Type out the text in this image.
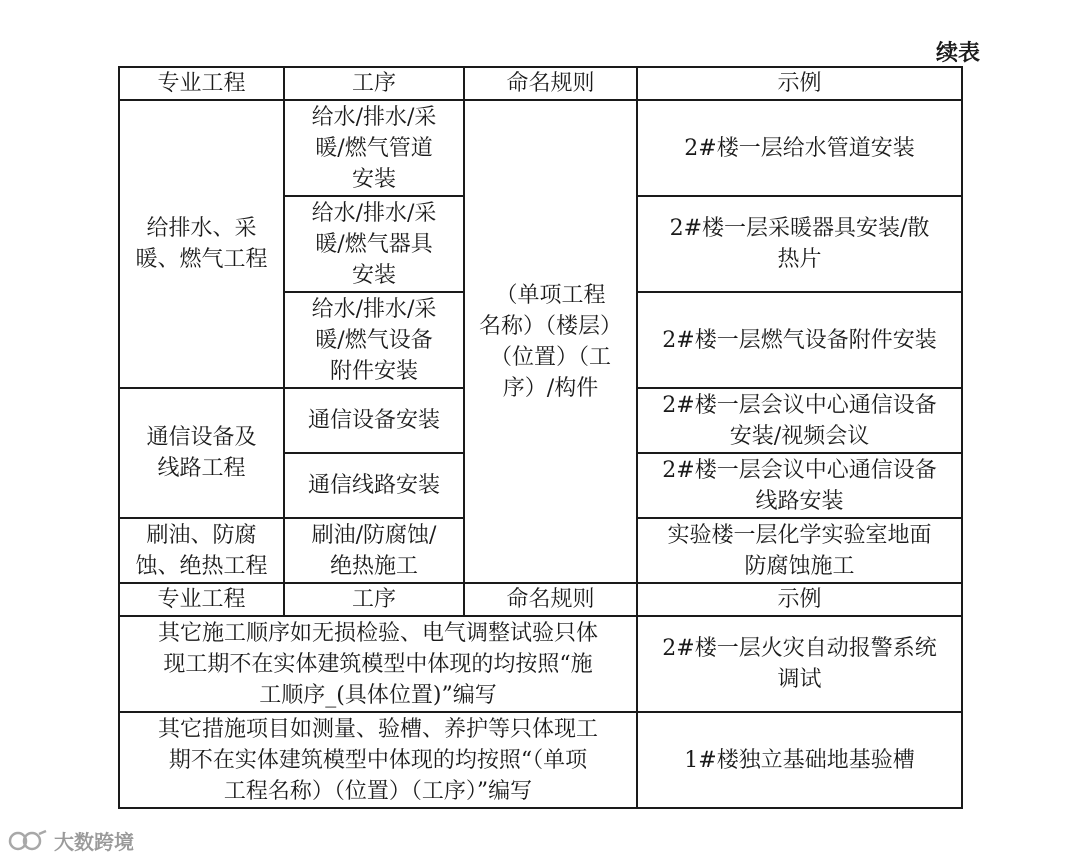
续表
专业工程	工序	命名规则	示例

给排水、采
暖、燃气工程	给水/排水/采
暖/燃气管道
安装	（单项工程
名称）（楼层）
（位置）（工
序）/构件	2#楼一层给水管道安装

	给水/排水/采
暖/燃气器具
安装		2#楼一层采暖器具安装/散
热片

	给水/排水/采
暖/燃气设备
附件安装		2#楼一层燃气设备附件安装

通信设备及
线路工程	通信设备安装		2#楼一层会议中心通信设备
安装/视频会议

	通信线路安装		2#楼一层会议中心通信设备
线路安装

刷油、防腐
蚀、绝热工程	刷油/防腐蚀/
绝热施工		实验楼一层化学实验室地面
防腐蚀施工

专业工程	工序	命名规则	示例

其它施工顺序如无损检验、电气调整试验只体
现工期不在实体建筑模型中体现的均按照“施
工顺序_(具体位置)”编写			2#楼一层火灾自动报警系统
调试

其它措施项目如测量、验槽、养护等只体现工
期不在实体建筑模型中体现的均按照“（单项
工程名称）（位置）（工序）”编写			1#楼独立基础地基验槽
大数跨境
